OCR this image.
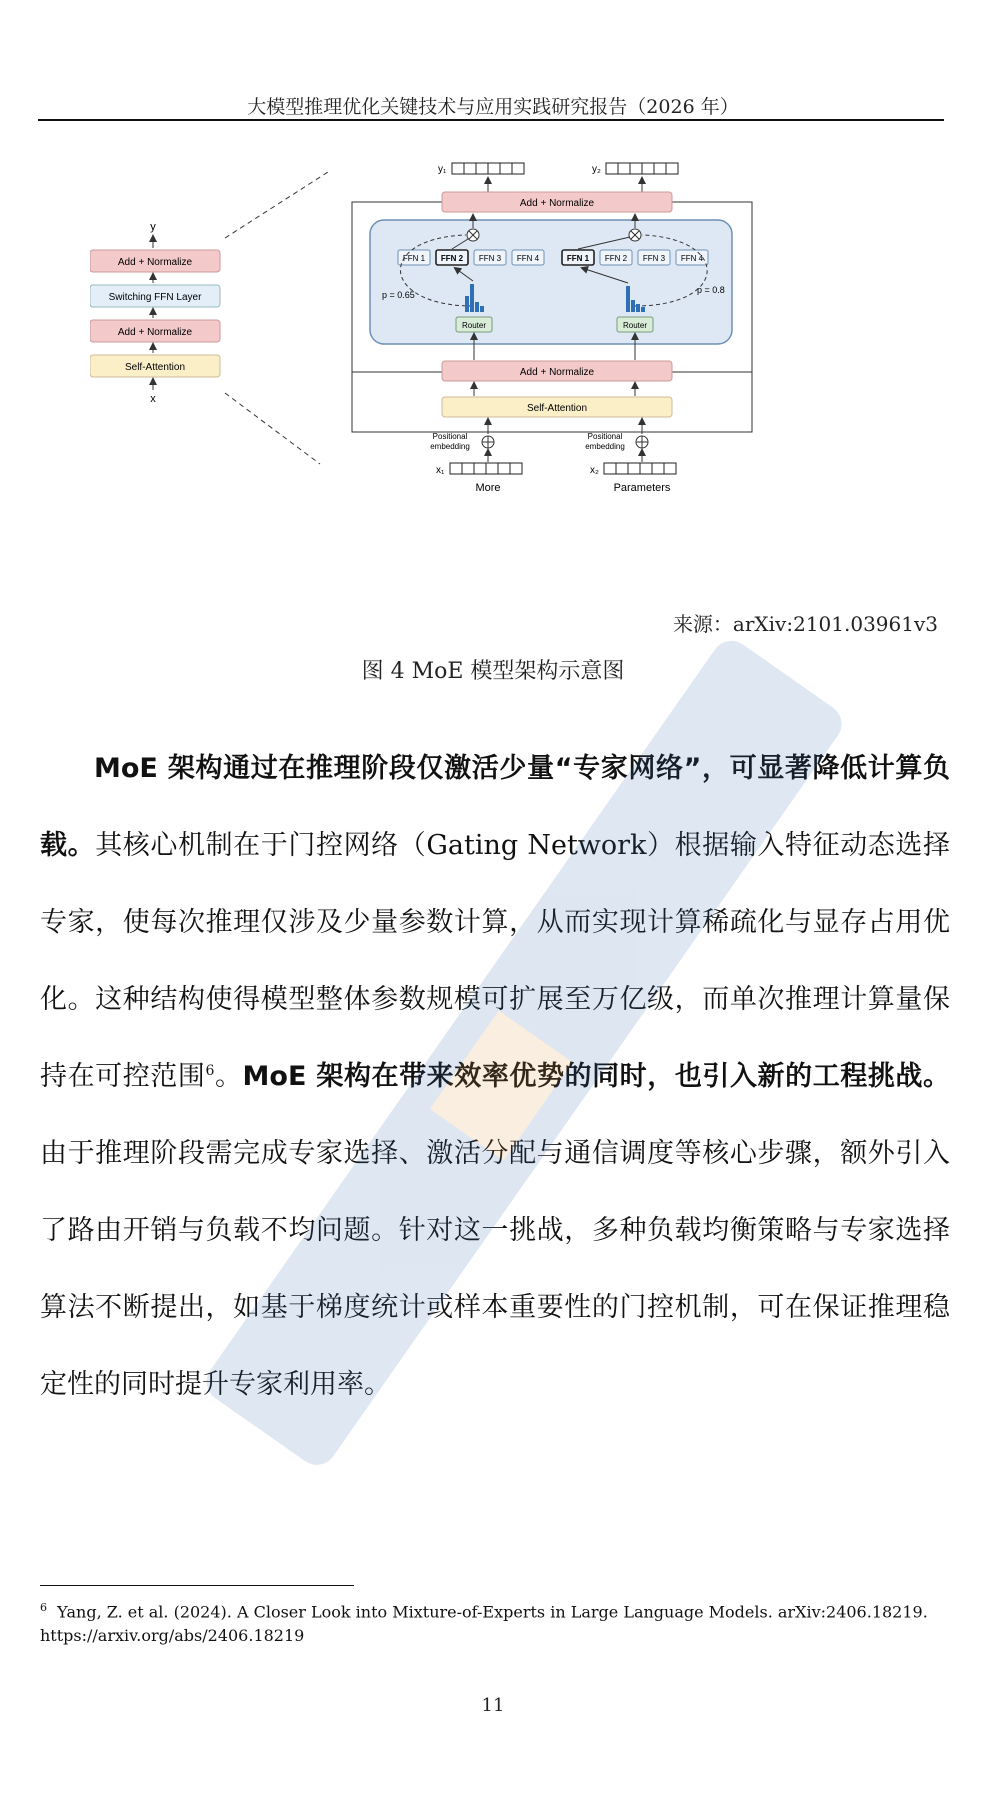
大模型推理优化关键技术与应用实践研究报告（2026 年）
y
Add + Normalize
Switching FFN Layer
Add + Normalize
Self-Attention
x
y₁	y₂
Add + Normalize
FFN 1 FFN 2 FFN 3 FFN 4	FFN 1 FFN 2 FFN 3 FFN 4
p = 0.65	p = 0.8
Router	Router
Add + Normalize
Self-Attention
Positional
embedding
Positional
embedding
x₁	x₂
More	Parameters
来源：arXiv:2101.03961v3
图 4 MoE 模型架构示意图

MoE 架构通过在推理阶段仅激活少量“专家网络”，可显著降低计算负载。其核心机制在于门控网络（Gating Network）根据输入特征动态选择专家，使每次推理仅涉及少量参数计算，从而实现计算稀疏化与显存占用优化。这种结构使得模型整体参数规模可扩展至万亿级，而单次推理计算量保持在可控范围$^6$。MoE 架构在带来效率优势的同时，也引入新的工程挑战。由于推理阶段需完成专家选择、激活分配与通信调度等核心步骤，额外引入了路由开销与负载不均问题。针对这一挑战，多种负载均衡策略与专家选择算法不断提出，如基于梯度统计或样本重要性的门控机制，可在保证推理稳定性的同时提升专家利用率。

$^6$ Yang, Z. et al. (2024). A Closer Look into Mixture-of-Experts in Large Language Models. arXiv:2406.18219.
https://arxiv.org/abs/2406.18219
11
